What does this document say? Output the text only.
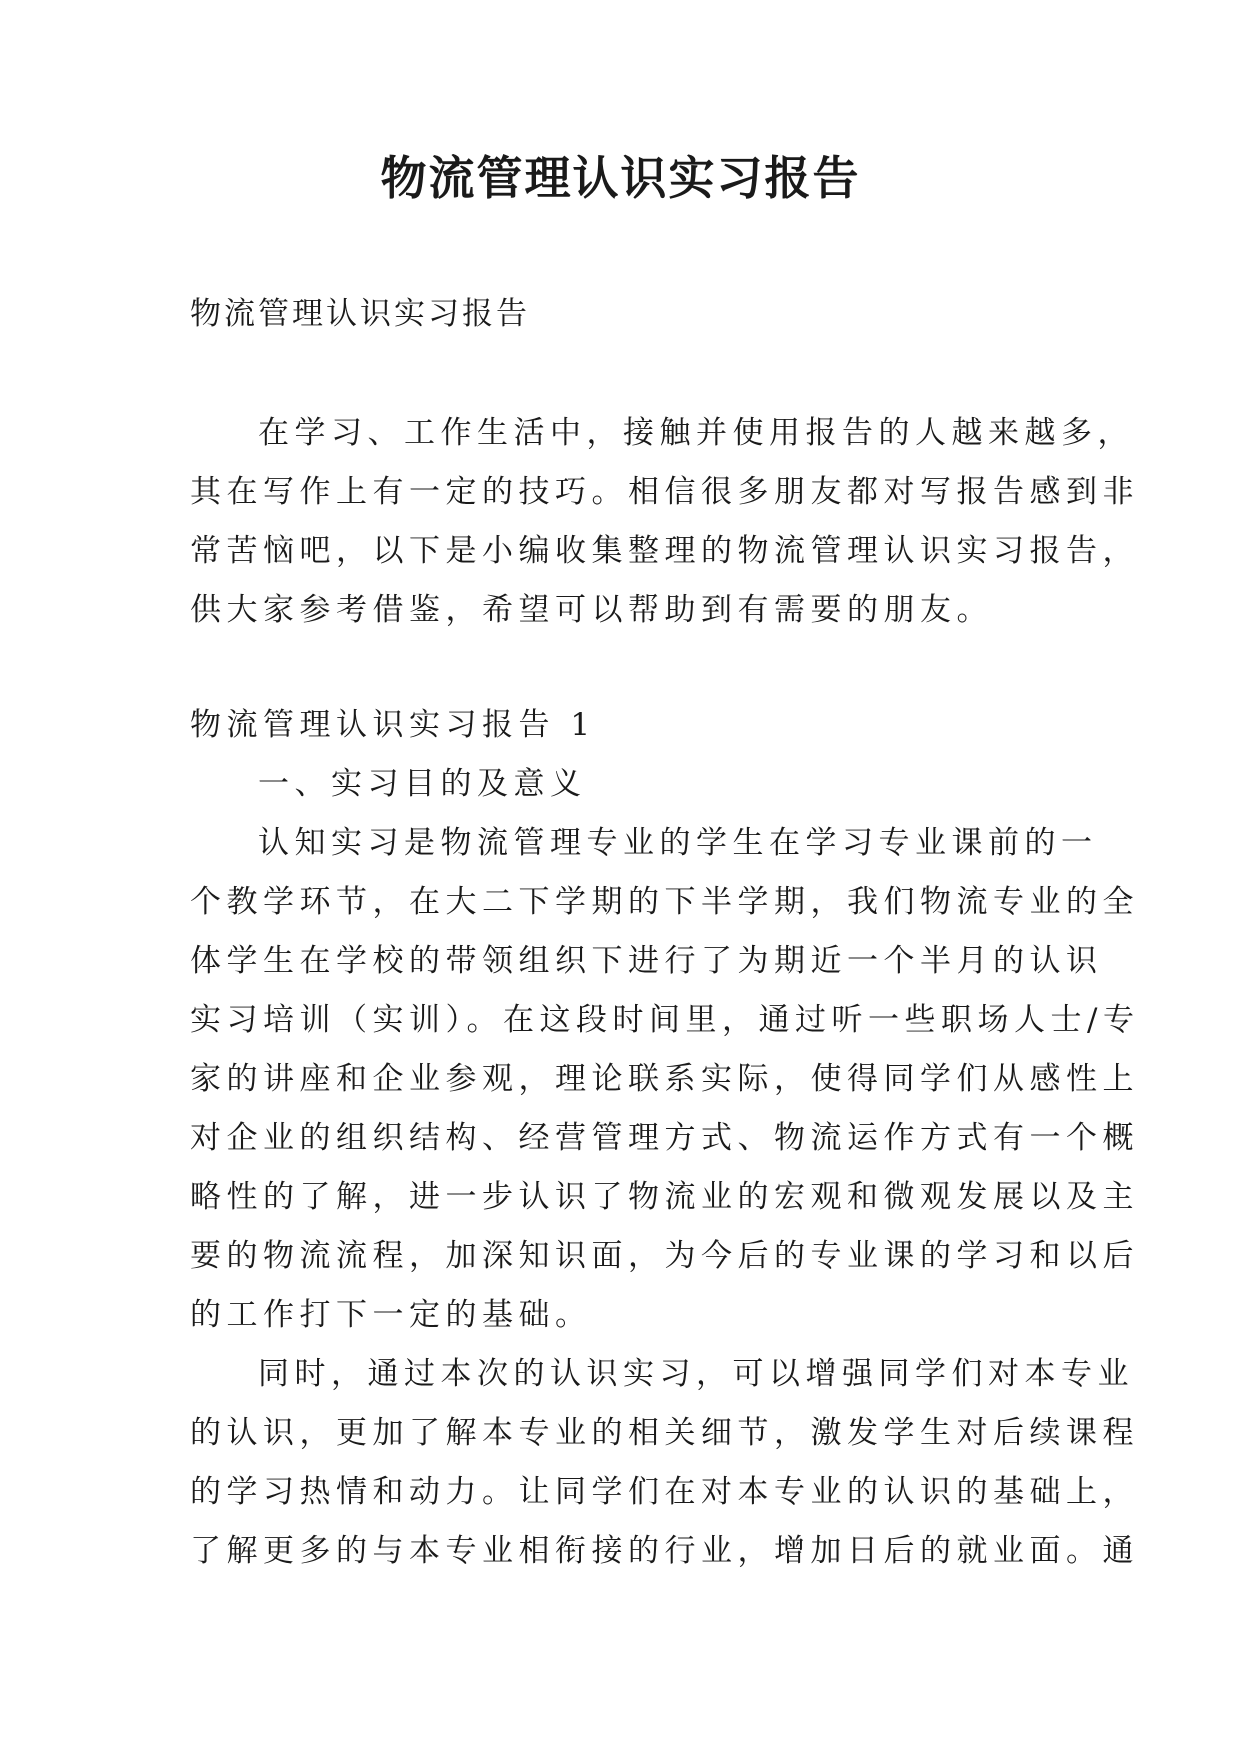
物流管理认识实习报告
物流管理认识实习报告
在学习、工作生活中，接触并使用报告的人越来越多，
其在写作上有一定的技巧。相信很多朋友都对写报告感到非
常苦恼吧，以下是小编收集整理的物流管理认识实习报告，
供大家参考借鉴，希望可以帮助到有需要的朋友。
物流管理认识实习报告 1
一、实习目的及意义
认知实习是物流管理专业的学生在学习专业课前的一
个教学环节，在大二下学期的下半学期，我们物流专业的全
体学生在学校的带领组织下进行了为期近一个半月的认识
实习培训（实训）。在这段时间里，通过听一些职场人士/专
家的讲座和企业参观，理论联系实际，使得同学们从感性上
对企业的组织结构、经营管理方式、物流运作方式有一个概
略性的了解，进一步认识了物流业的宏观和微观发展以及主
要的物流流程，加深知识面，为今后的专业课的学习和以后
的工作打下一定的基础。
同时，通过本次的认识实习，可以增强同学们对本专业
的认识，更加了解本专业的相关细节，激发学生对后续课程
的学习热情和动力。让同学们在对本专业的认识的基础上，
了解更多的与本专业相衔接的行业，增加日后的就业面。通
